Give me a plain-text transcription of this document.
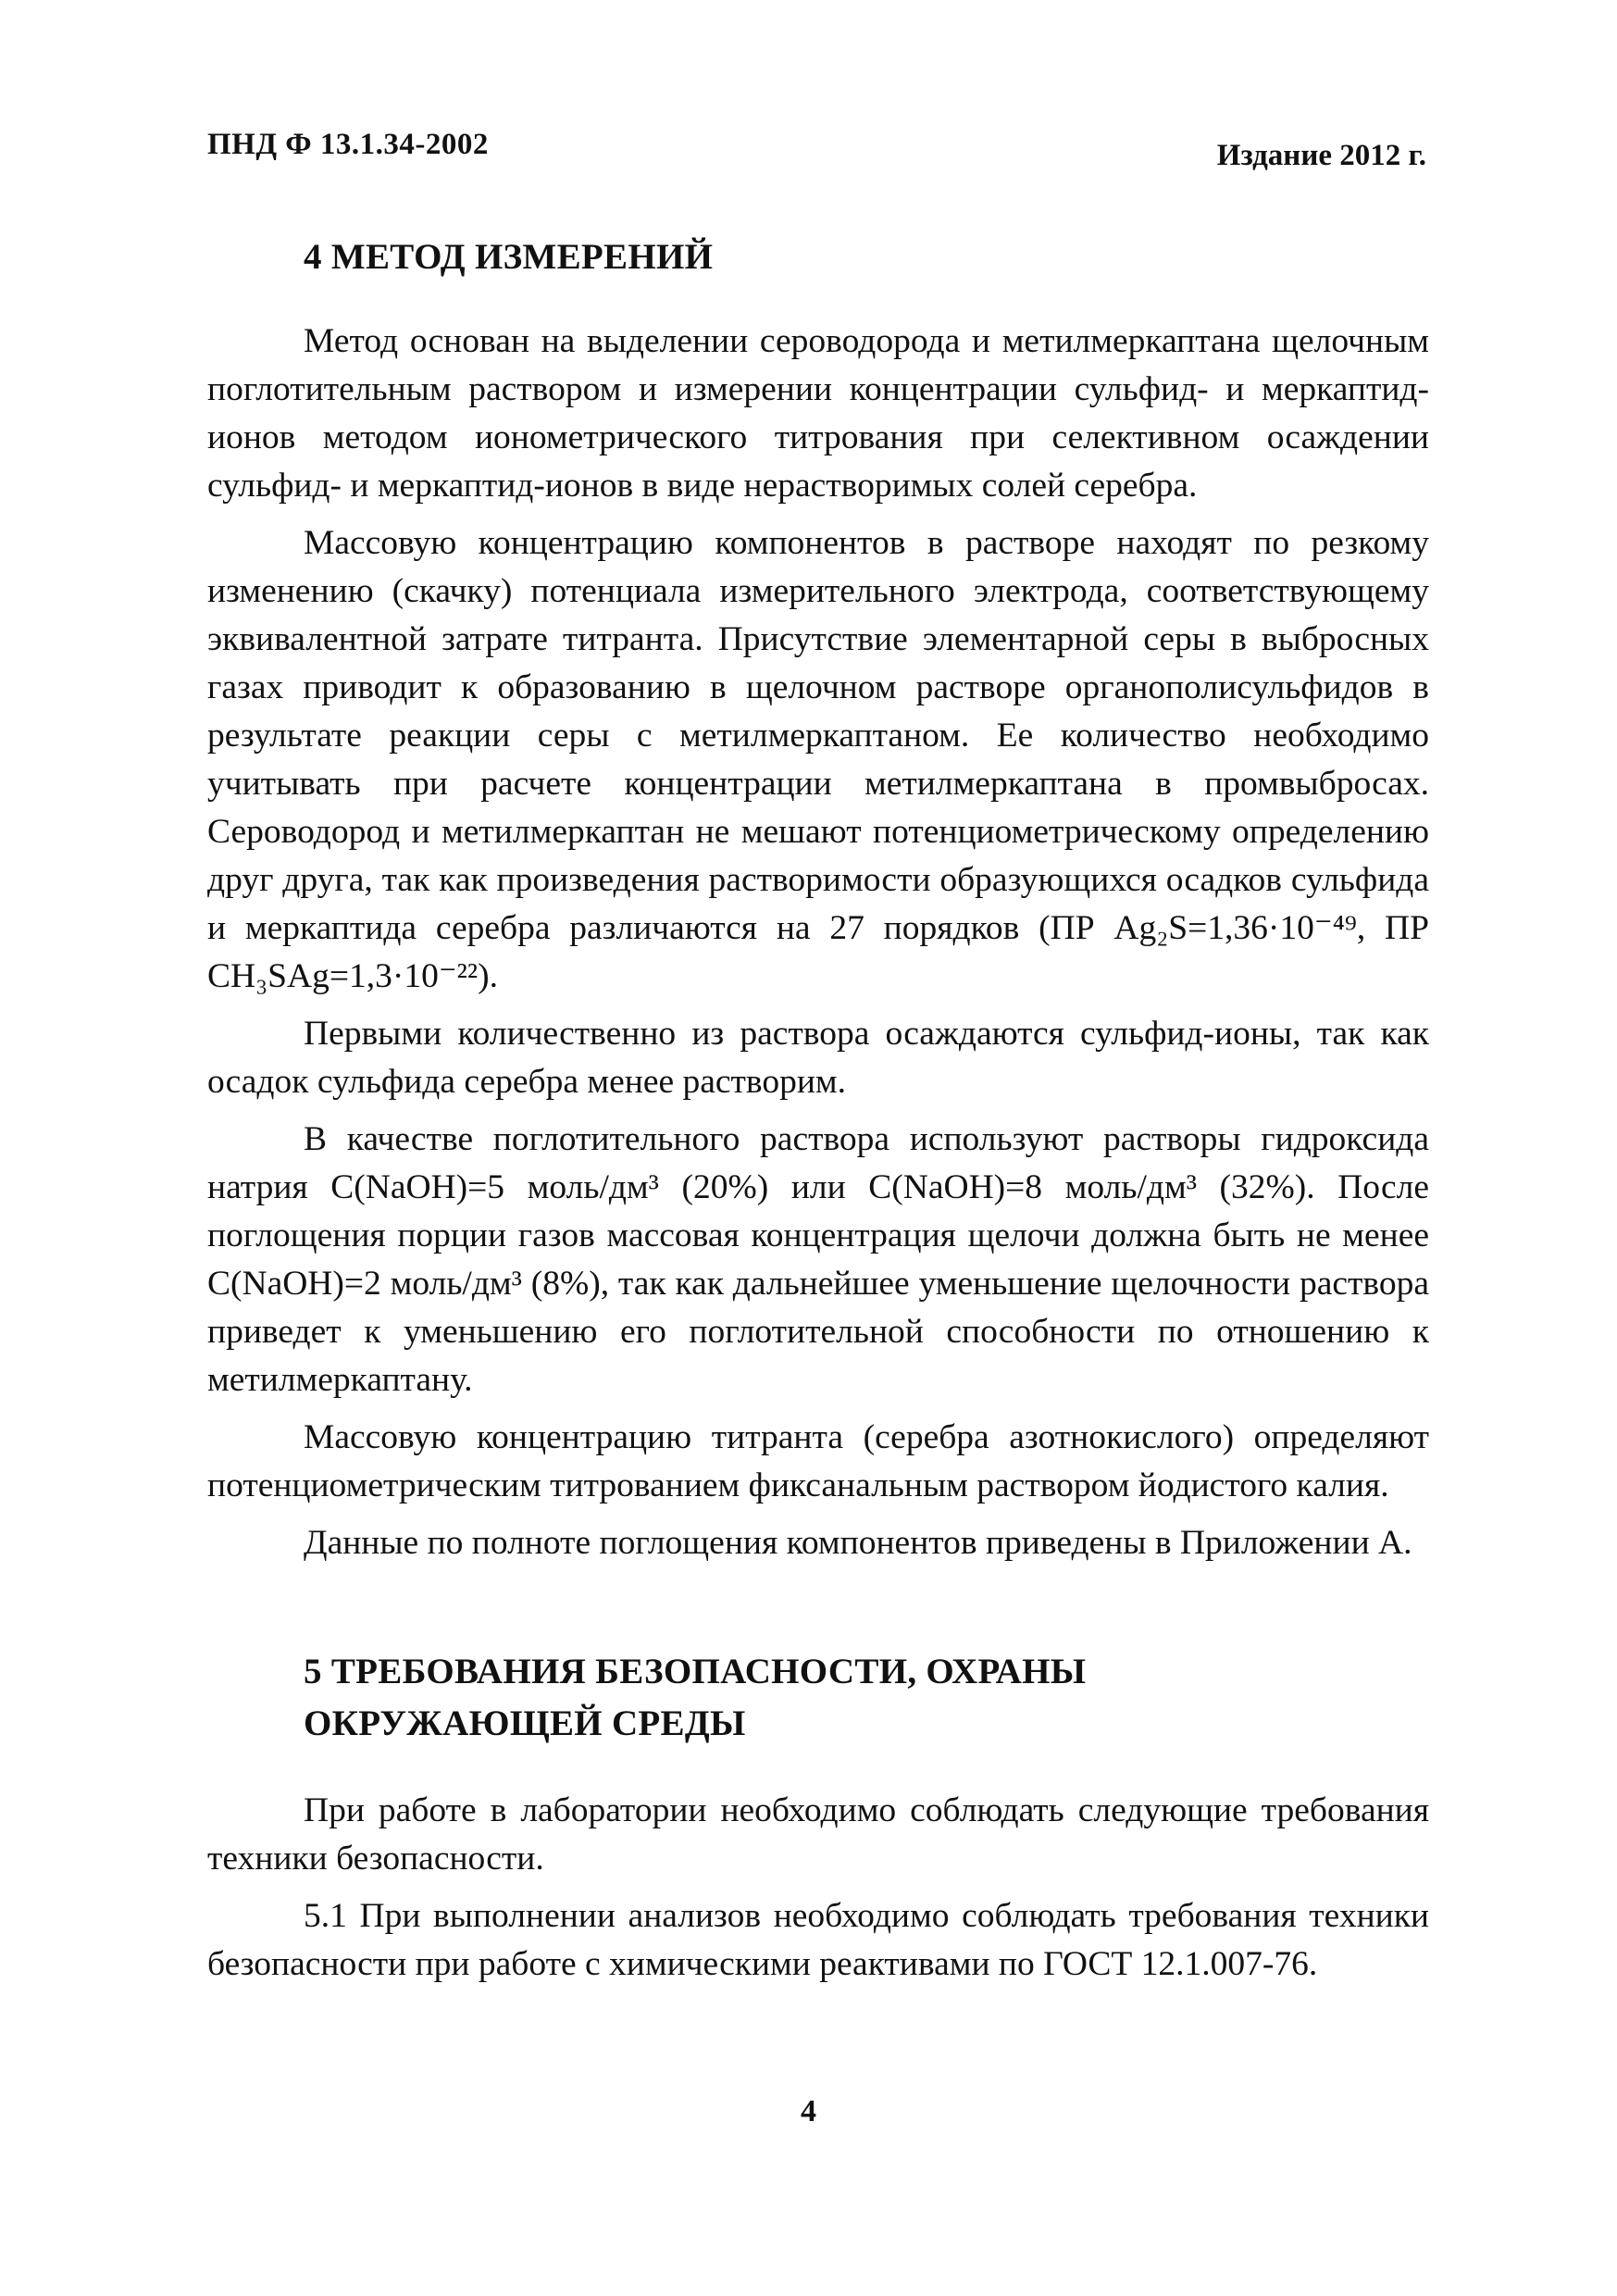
ПНД Ф 13.1.34-2002	Издание 2012 г.
4 МЕТОД ИЗМЕРЕНИЙ

Метод основан на выделении сероводорода и метилмеркаптана щелочным поглотительным раствором и измерении концентрации сульфид- и меркаптид-ионов методом ионометрического титрования при селективном осаждении сульфид- и меркаптид-ионов в виде нерастворимых солей серебра.

Массовую концентрацию компонентов в растворе находят по резкому изменению (скачку) потенциала измерительного электрода, соответствующему эквивалентной затрате титранта. Присутствие элементарной серы в выбросных газах приводит к образованию в щелочном растворе органополисульфидов в результате реакции серы с метилмеркаптаном. Ее количество необходимо учитывать при расчете концентрации метилмеркаптана в промвыбросах. Сероводород и метилмеркаптан не мешают потенциометрическому определению друг друга, так как произведения растворимости образующихся осадков сульфида и меркаптида серебра различаются на 27 порядков (ПР Ag₂S=1,36·10⁻⁴⁹, ПР CH₃SAg=1,3·10⁻²²).

Первыми количественно из раствора осаждаются сульфид-ионы, так как осадок сульфида серебра менее растворим.

В качестве поглотительного раствора используют растворы гидроксида натрия C(NaOH)=5 моль/дм³ (20%) или C(NaOH)=8 моль/дм³ (32%). После поглощения порции газов массовая концентрация щелочи должна быть не менее C(NaOH)=2 моль/дм³ (8%), так как дальнейшее уменьшение щелочности раствора приведет к уменьшению его поглотительной способности по отношению к метилмеркаптану.

Массовую концентрацию титранта (серебра азотнокислого) определяют потенциометрическим титрованием фиксанальным раствором йодистого калия.

Данные по полноте поглощения компонентов приведены в Приложении А.

5 ТРЕБОВАНИЯ БЕЗОПАСНОСТИ, ОХРАНЫ
ОКРУЖАЮЩЕЙ СРЕДЫ

При работе в лаборатории необходимо соблюдать следующие требования техники безопасности.

5.1 При выполнении анализов необходимо соблюдать требования техники безопасности при работе с химическими реактивами по ГОСТ 12.1.007-76.

4
